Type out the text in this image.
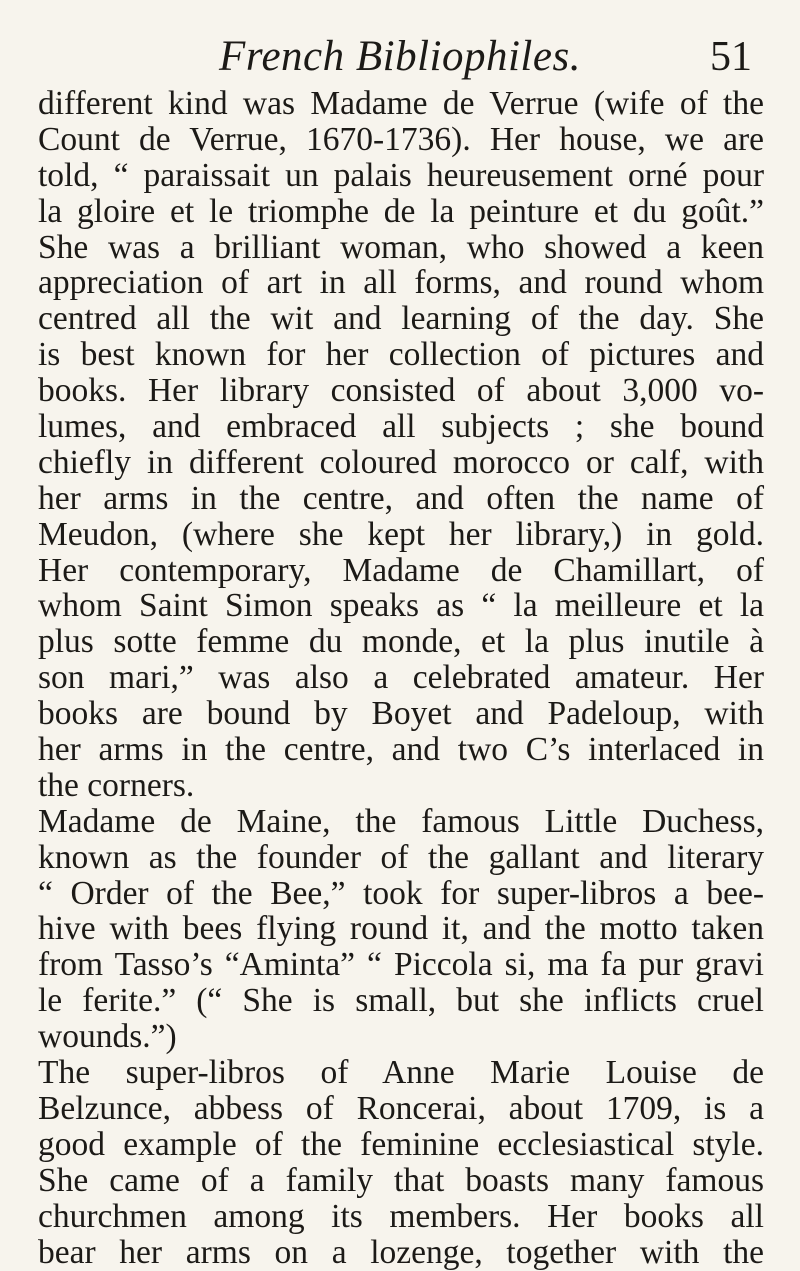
French Bibliophiles.	51
different kind was Madame de Verrue (wife of the
Count de Verrue, 1670-1736). Her house, we are
told, “ paraissait un palais heureusement orné pour
la gloire et le triomphe de la peinture et du goût.”
She was a brilliant woman, who showed a keen
appreciation of art in all forms, and round whom
centred all the wit and learning of the day. She
is best known for her collection of pictures and
books. Her library consisted of about 3,000 vo-
lumes, and embraced all subjects ; she bound
chiefly in different coloured morocco or calf, with
her arms in the centre, and often the name of
Meudon, (where she kept her library,) in gold.
Her contemporary, Madame de Chamillart, of
whom Saint Simon speaks as “ la meilleure et la
plus sotte femme du monde, et la plus inutile à
son mari,” was also a celebrated amateur. Her
books are bound by Boyet and Padeloup, with
her arms in the centre, and two C’s interlaced in
the corners.
Madame de Maine, the famous Little Duchess,
known as the founder of the gallant and literary
“ Order of the Bee,” took for super-libros a bee-
hive with bees flying round it, and the motto taken
from Tasso’s “Aminta” “ Piccola si, ma fa pur gravi
le ferite.” (“ She is small, but she inflicts cruel
wounds.”)
The super-libros of Anne Marie Louise de
Belzunce, abbess of Roncerai, about 1709, is a
good example of the feminine ecclesiastical style.
She came of a family that boasts many famous
churchmen among its members. Her books all
bear her arms on a lozenge, together with the
